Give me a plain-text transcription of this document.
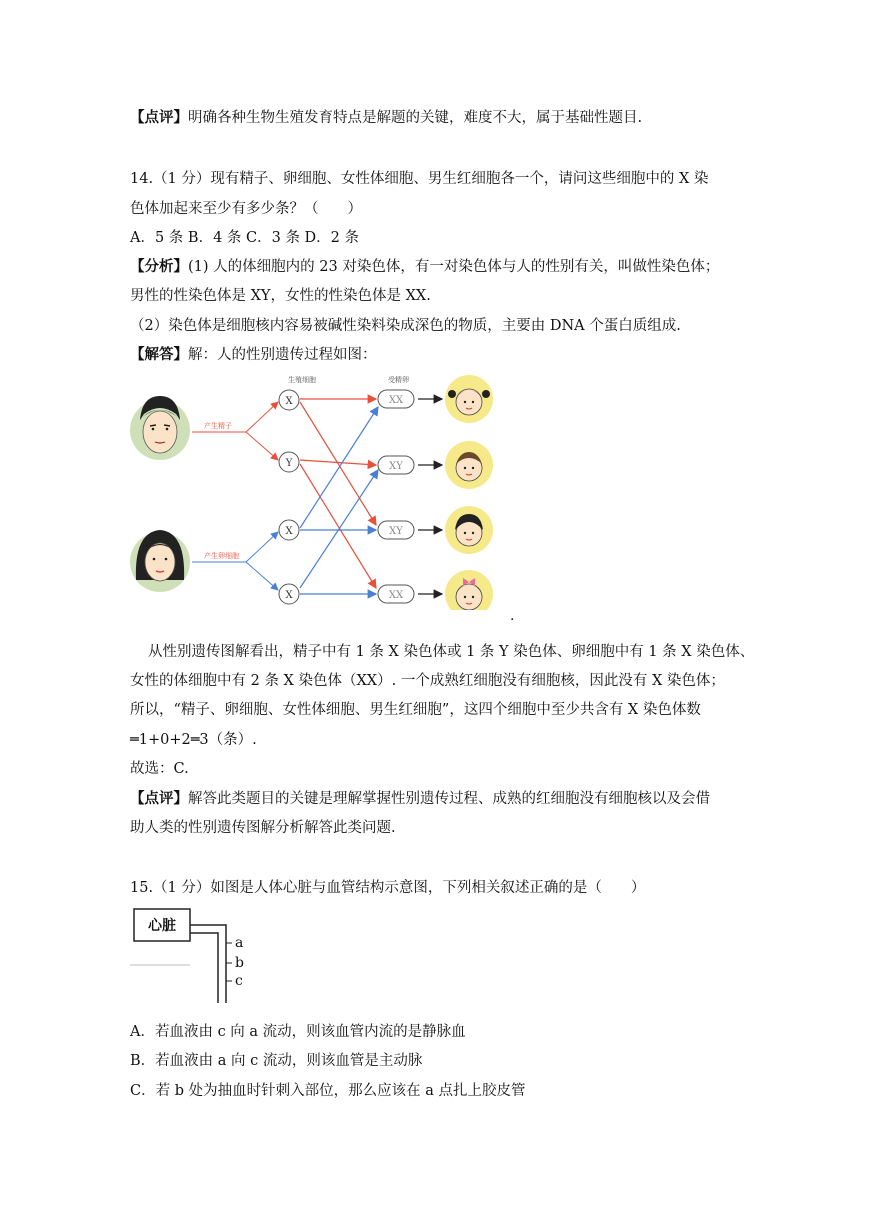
【点评】明确各种生物生殖发育特点是解题的关键，难度不大，属于基础性题目.
14.（1 分）现有精子、卵细胞、女性体细胞、男生红细胞各一个，请问这些细胞中的 X 染
色体加起来至少有多少条？（　　）
A．5 条 B．4 条 C．3 条 D．2 条
【分析】(1) 人的体细胞内的 23 对染色体，有一对染色体与人的性别有关，叫做性染色体；
男性的性染色体是 XY，女性的性染色体是 XX.
（2）染色体是细胞核内容易被碱性染料染成深色的物质，主要由 DNA 个蛋白质组成.
【解答】解：人的性别遗传过程如图：
生殖细胞	受精卵
产生精子
产生卵细胞
X
Y
X
X
XX
XY
XY
XX
.
从性别遗传图解看出，精子中有 1 条 X 染色体或 1 条 Y 染色体、卵细胞中有 1 条 X 染色体、
女性的体细胞中有 2 条 X 染色体（XX）. 一个成熟红细胞没有细胞核，因此没有 X 染色体；
所以，“精子、卵细胞、女性体细胞、男生红细胞”，这四个细胞中至少共含有 X 染色体数
═1+0+2═3（条）.
故选：C.
【点评】解答此类题目的关键是理解掌握性别遗传过程、成熟的红细胞没有细胞核以及会借
助人类的性别遗传图解分析解答此类问题.
15.（1 分）如图是人体心脏与血管结构示意图，下列相关叙述正确的是（　　）
心脏
a
b
c
A．若血液由 c 向 a 流动，则该血管内流的是静脉血
B．若血液由 a 向 c 流动，则该血管是主动脉
C．若 b 处为抽血时针刺入部位，那么应该在 a 点扎上胶皮管
